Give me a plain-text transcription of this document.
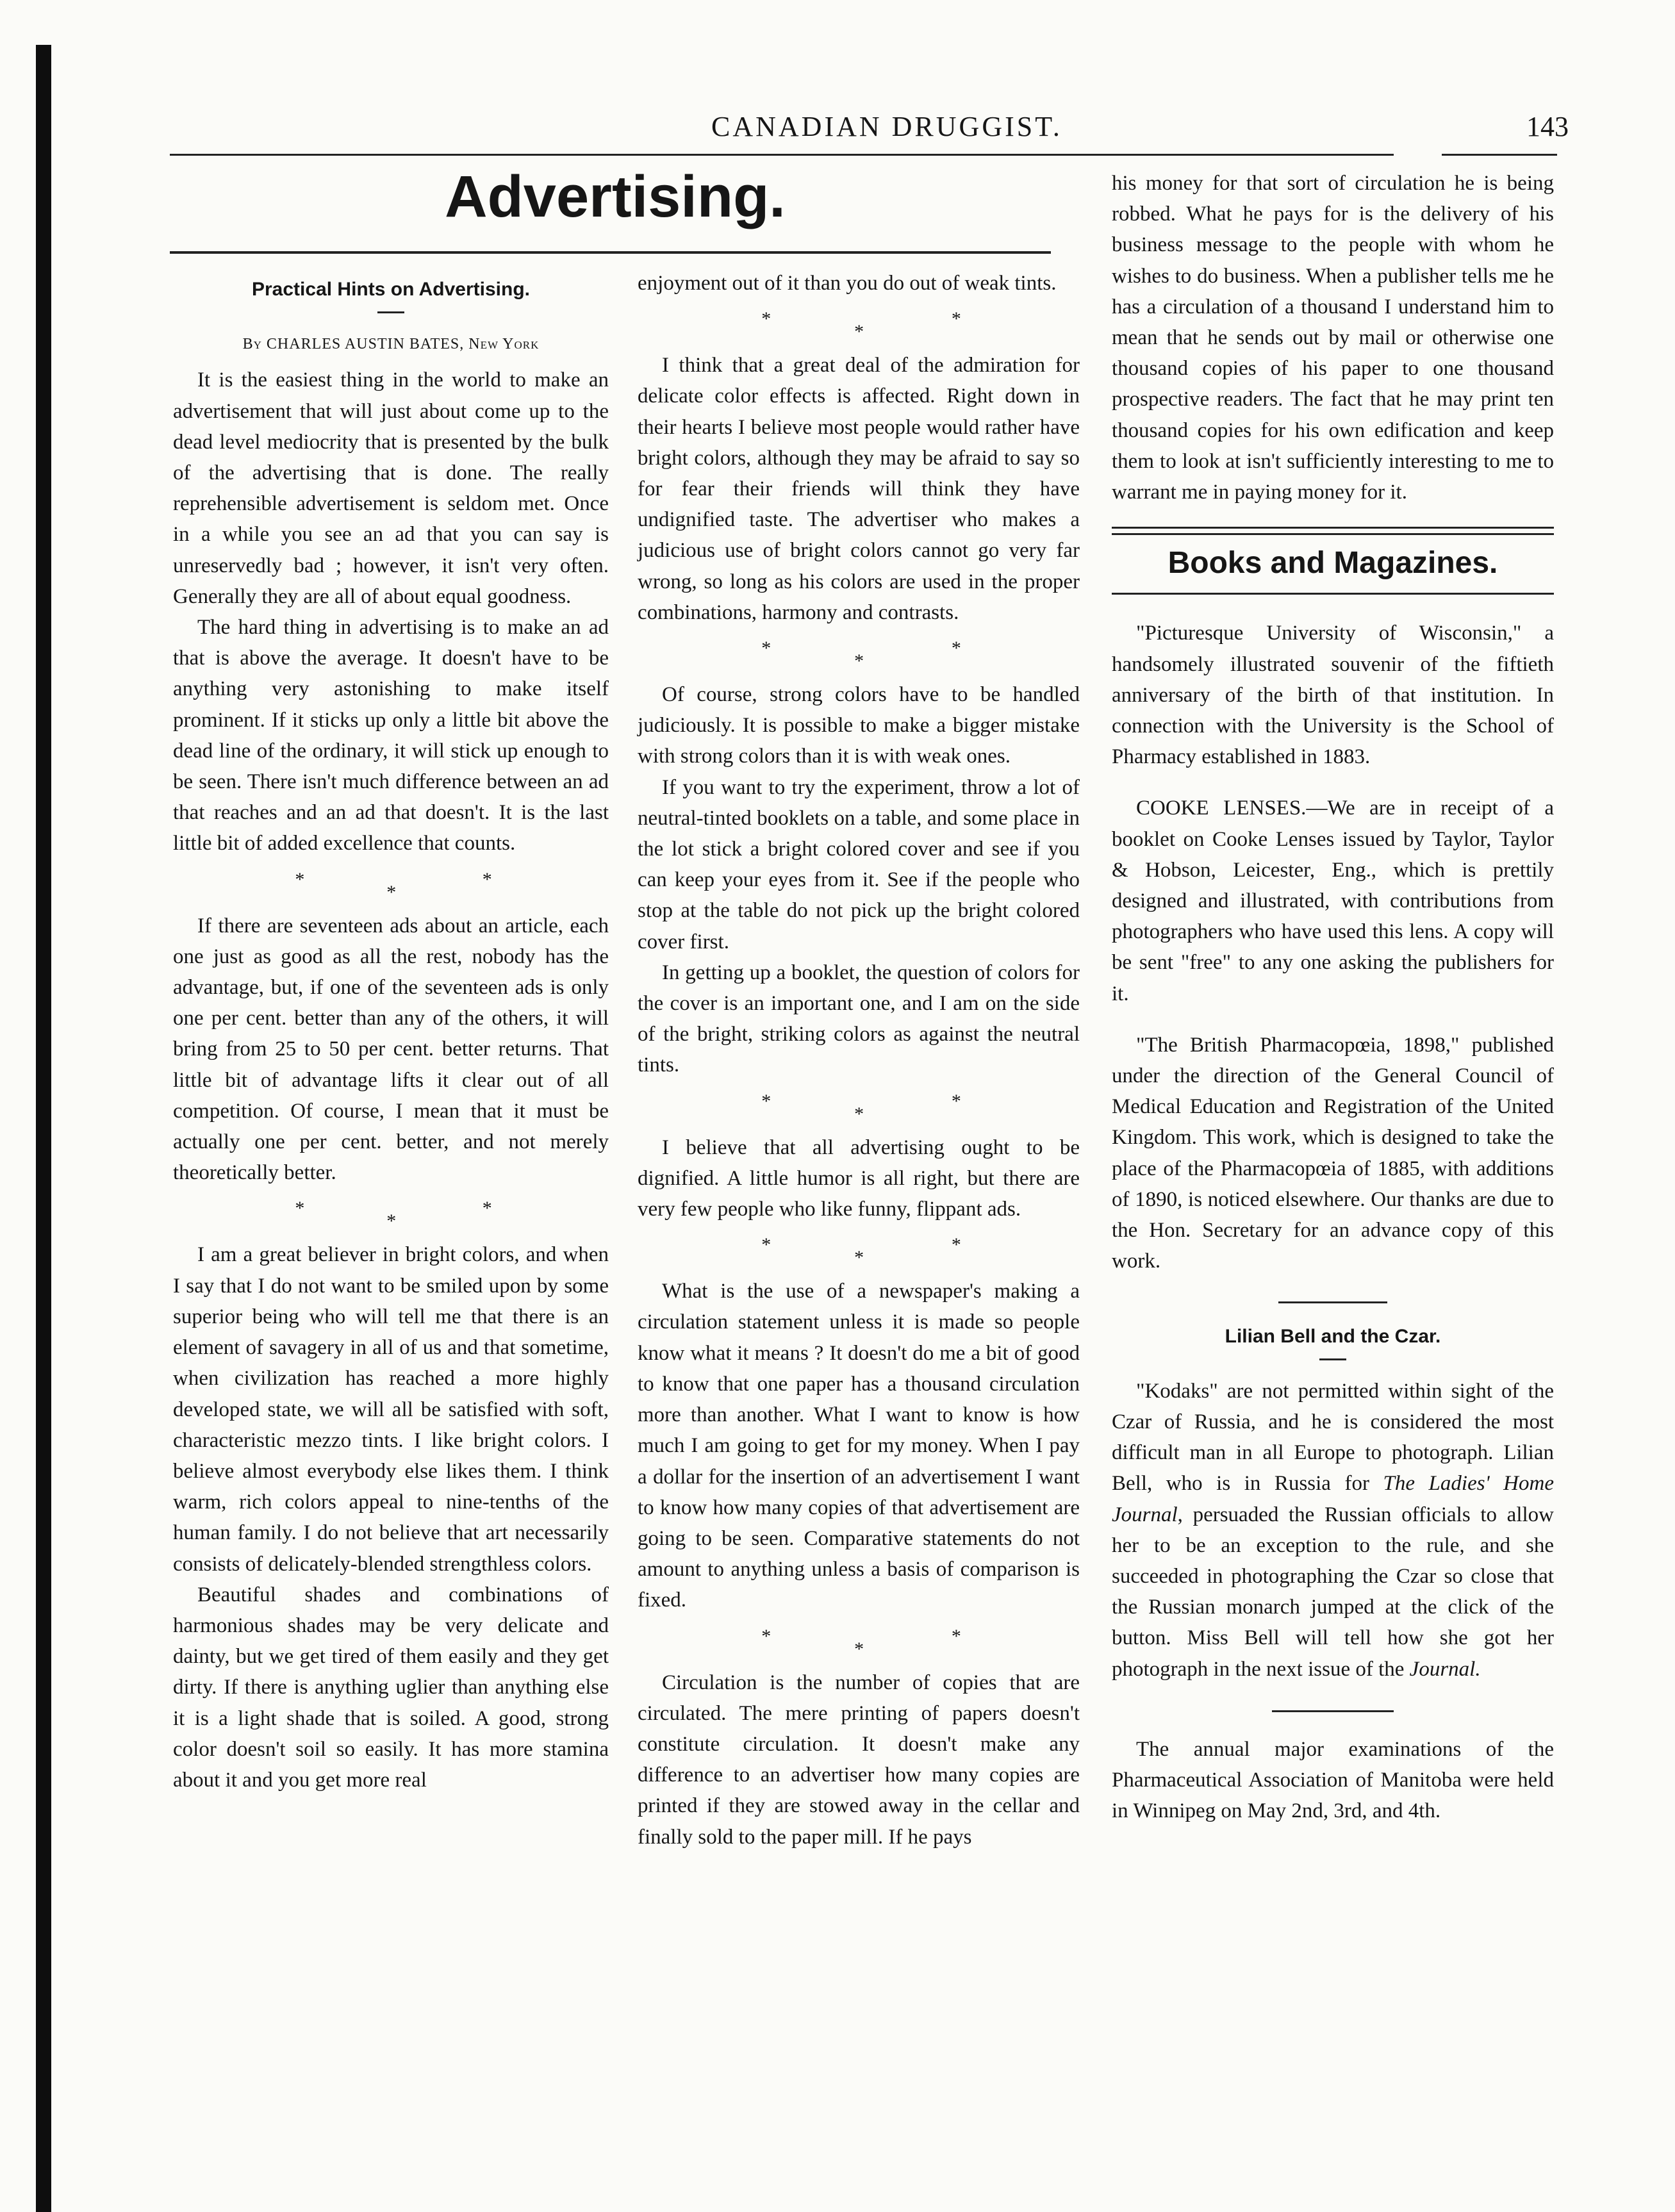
CANADIAN DRUGGIST.	143
Advertising.
Practical Hints on Advertising.
By CHARLES AUSTIN BATES, New York

It is the easiest thing in the world to make an advertisement that will just about come up to the dead level mediocrity that is presented by the bulk of the advertising that is done. The really reprehensible advertisement is seldom met. Once in a while you see an ad that you can say is unreservedly bad ; however, it isn't very often. Generally they are all of about equal goodness.

The hard thing in advertising is to make an ad that is above the average. It doesn't have to be anything very astonishing to make itself prominent. If it sticks up only a little bit above the dead line of the ordinary, it will stick up enough to be seen. There isn't much difference between an ad that reaches and an ad that doesn't. It is the last little bit of added excellence that counts.

*
*
*

If there are seventeen ads about an article, each one just as good as all the rest, nobody has the advantage, but, if one of the seventeen ads is only one per cent. better than any of the others, it will bring from 25 to 50 per cent. better returns. That little bit of advantage lifts it clear out of all competition. Of course, I mean that it must be actually one per cent. better, and not merely theoretically better.

*
*
*

I am a great believer in bright colors, and when I say that I do not want to be smiled upon by some superior being who will tell me that there is an element of savagery in all of us and that sometime, when civilization has reached a more highly developed state, we will all be satisfied with soft, characteristic mezzo tints. I like bright colors. I believe almost everybody else likes them. I think warm, rich colors appeal to nine-tenths of the human family. I do not believe that art necessarily consists of delicately-blended strengthless colors.

Beautiful shades and combinations of harmonious shades may be very delicate and dainty, but we get tired of them easily and they get dirty. If there is anything uglier than anything else it is a light shade that is soiled. A good, strong color doesn't soil so easily. It has more stamina about it and you get more real

enjoyment out of it than you do out of weak tints.

*
*
*

I think that a great deal of the admiration for delicate color effects is affected. Right down in their hearts I believe most people would rather have bright colors, although they may be afraid to say so for fear their friends will think they have undignified taste. The advertiser who makes a judicious use of bright colors cannot go very far wrong, so long as his colors are used in the proper combinations, harmony and contrasts.

*
*
*

Of course, strong colors have to be handled judiciously. It is possible to make a bigger mistake with strong colors than it is with weak ones.

If you want to try the experiment, throw a lot of neutral-tinted booklets on a table, and some place in the lot stick a bright colored cover and see if you can keep your eyes from it. See if the people who stop at the table do not pick up the bright colored cover first.

In getting up a booklet, the question of colors for the cover is an important one, and I am on the side of the bright, striking colors as against the neutral tints.

*
*
*

I believe that all advertising ought to be dignified. A little humor is all right, but there are very few people who like funny, flippant ads.

*
*
*

What is the use of a newspaper's making a circulation statement unless it is made so people know what it means ? It doesn't do me a bit of good to know that one paper has a thousand circulation more than another. What I want to know is how much I am going to get for my money. When I pay a dollar for the insertion of an advertisement I want to know how many copies of that advertisement are going to be seen. Comparative statements do not amount to anything unless a basis of comparison is fixed.

*
*
*

Circulation is the number of copies that are circulated. The mere printing of papers doesn't constitute circulation. It doesn't make any difference to an advertiser how many copies are printed if they are stowed away in the cellar and finally sold to the paper mill. If he pays

his money for that sort of circulation he is being robbed. What he pays for is the delivery of his business message to the people with whom he wishes to do business. When a publisher tells me he has a circulation of a thousand I understand him to mean that he sends out by mail or otherwise one thousand copies of his paper to one thousand prospective readers. The fact that he may print ten thousand copies for his own edification and keep them to look at isn't sufficiently interesting to me to warrant me in paying money for it.

Books and Magazines.

"Picturesque University of Wisconsin," a handsomely illustrated souvenir of the fiftieth anniversary of the birth of that institution. In connection with the University is the School of Pharmacy established in 1883.

COOKE LENSES.—We are in receipt of a booklet on Cooke Lenses issued by Taylor, Taylor & Hobson, Leicester, Eng., which is prettily designed and illustrated, with contributions from photographers who have used this lens. A copy will be sent "free" to any one asking the publishers for it.

"The British Pharmacopœia, 1898," published under the direction of the General Council of Medical Education and Registration of the United Kingdom. This work, which is designed to take the place of the Pharmacopœia of 1885, with additions of 1890, is noticed elsewhere. Our thanks are due to the Hon. Secretary for an advance copy of this work.

Lilian Bell and the Czar.

"Kodaks" are not permitted within sight of the Czar of Russia, and he is considered the most difficult man in all Europe to photograph. Lilian Bell, who is in Russia for The Ladies' Home Journal, persuaded the Russian officials to allow her to be an exception to the rule, and she succeeded in photographing the Czar so close that the Russian monarch jumped at the click of the button. Miss Bell will tell how she got her photograph in the next issue of the Journal.

The annual major examinations of the Pharmaceutical Association of Manitoba were held in Winnipeg on May 2nd, 3rd, and 4th.
